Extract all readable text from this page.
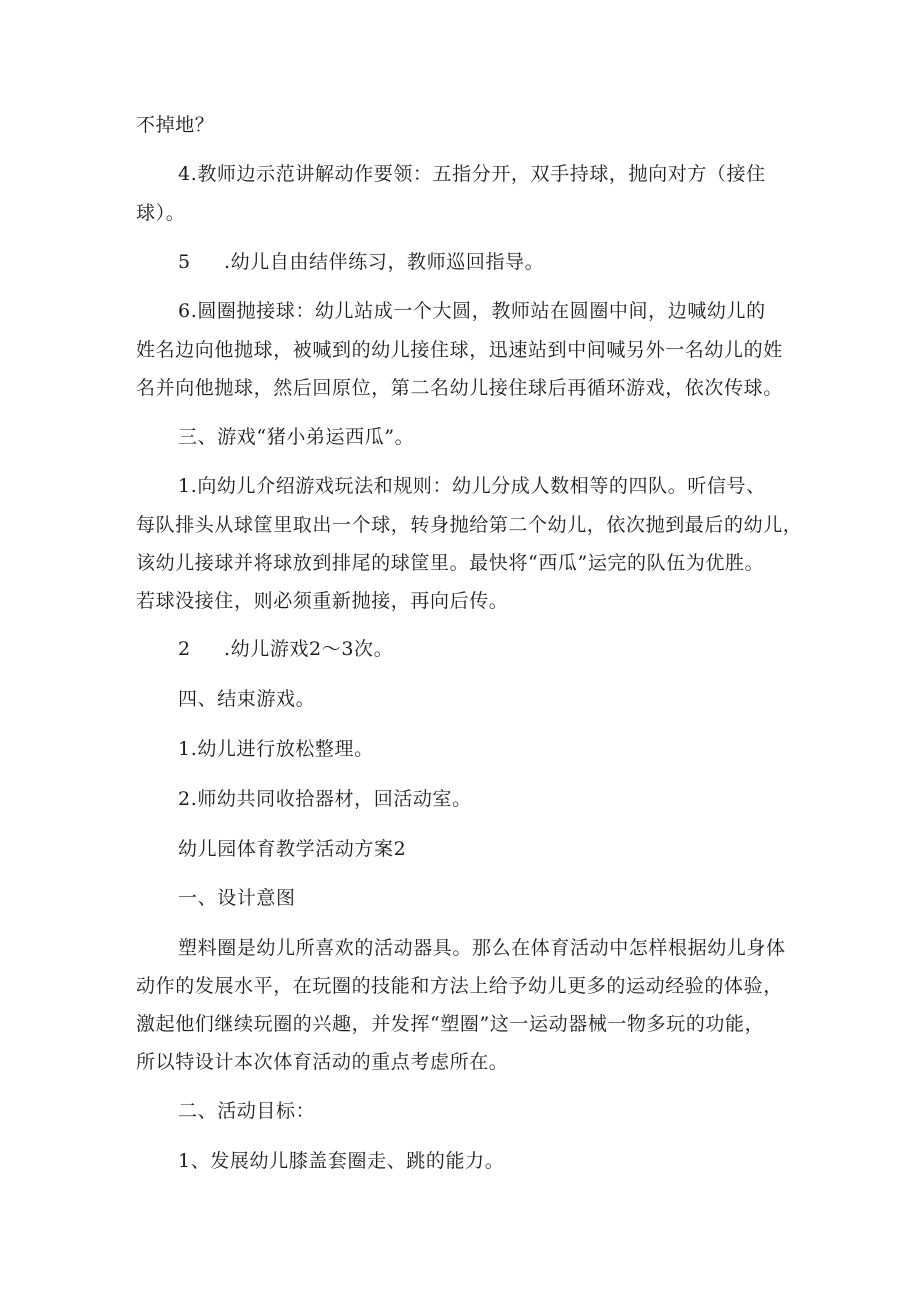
不掉地？
4.教师边示范讲解动作要领：五指分开，双手持球，抛向对方（接住
球）。
5 .幼儿自由结伴练习，教师巡回指导。
6.圆圈抛接球：幼儿站成一个大圆，教师站在圆圈中间，边喊幼儿的
姓名边向他抛球，被喊到的幼儿接住球，迅速站到中间喊另外一名幼儿的姓
名并向他抛球，然后回原位，第二名幼儿接住球后再循环游戏，依次传球。
三、游戏“猪小弟运西瓜”。
1.向幼儿介绍游戏玩法和规则：幼儿分成人数相等的四队。听信号、
每队排头从球筐里取出一个球，转身抛给第二个幼儿，依次抛到最后的幼儿，
该幼儿接球并将球放到排尾的球筐里。最快将“西瓜”运完的队伍为优胜。
若球没接住，则必须重新抛接，再向后传。
2 .幼儿游戏2〜3次。
四、结束游戏。
1.幼儿进行放松整理。
2.师幼共同收拾器材，回活动室。
幼儿园体育教学活动方案2
一、设计意图
塑料圈是幼儿所喜欢的活动器具。那么在体育活动中怎样根据幼儿身体
动作的发展水平，在玩圈的技能和方法上给予幼儿更多的运动经验的体验，
激起他们继续玩圈的兴趣，并发挥“塑圈”这一运动器械一物多玩的功能，
所以特设计本次体育活动的重点考虑所在。
二、活动目标：
1、发展幼儿膝盖套圈走、跳的能力。
